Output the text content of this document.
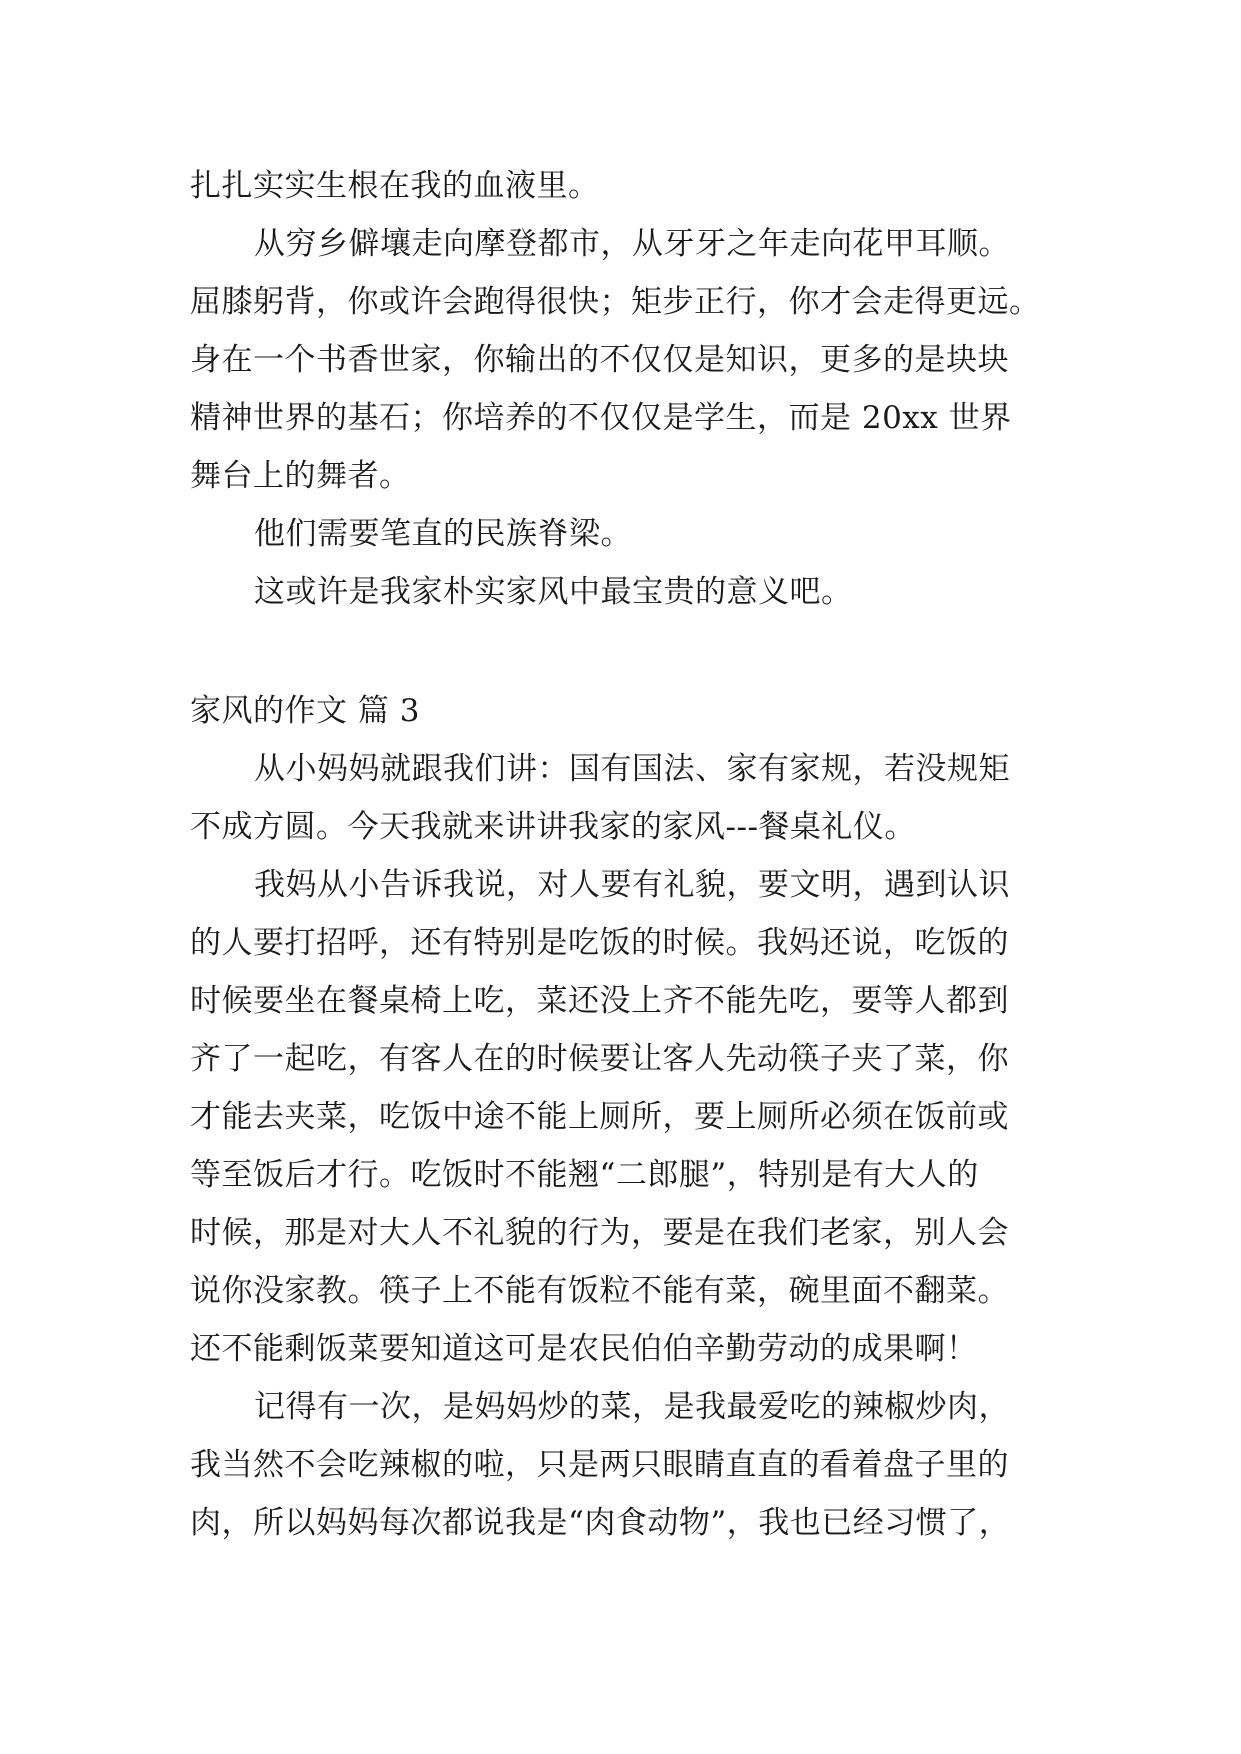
扎扎实实生根在我的血液里。
从穷乡僻壤走向摩登都市，从牙牙之年走向花甲耳顺。
屈膝躬背，你或许会跑得很快；矩步正行，你才会走得更远。
身在一个书香世家，你输出的不仅仅是知识，更多的是块块
精神世界的基石；你培养的不仅仅是学生，而是 20xx 世界
舞台上的舞者。
他们需要笔直的民族脊梁。
这或许是我家朴实家风中最宝贵的意义吧。
家风的作文 篇 3
从小妈妈就跟我们讲：国有国法、家有家规，若没规矩
不成方圆。今天我就来讲讲我家的家风---餐桌礼仪。
我妈从小告诉我说，对人要有礼貌，要文明，遇到认识
的人要打招呼，还有特别是吃饭的时候。我妈还说，吃饭的
时候要坐在餐桌椅上吃，菜还没上齐不能先吃，要等人都到
齐了一起吃，有客人在的时候要让客人先动筷子夹了菜，你
才能去夹菜，吃饭中途不能上厕所，要上厕所必须在饭前或
等至饭后才行。吃饭时不能翘“二郎腿”，特别是有大人的
时候，那是对大人不礼貌的行为，要是在我们老家，别人会
说你没家教。筷子上不能有饭粒不能有菜，碗里面不翻菜。
还不能剩饭菜要知道这可是农民伯伯辛勤劳动的成果啊！
记得有一次，是妈妈炒的菜，是我最爱吃的辣椒炒肉，
我当然不会吃辣椒的啦，只是两只眼睛直直的看着盘子里的
肉，所以妈妈每次都说我是“肉食动物”，我也已经习惯了，
